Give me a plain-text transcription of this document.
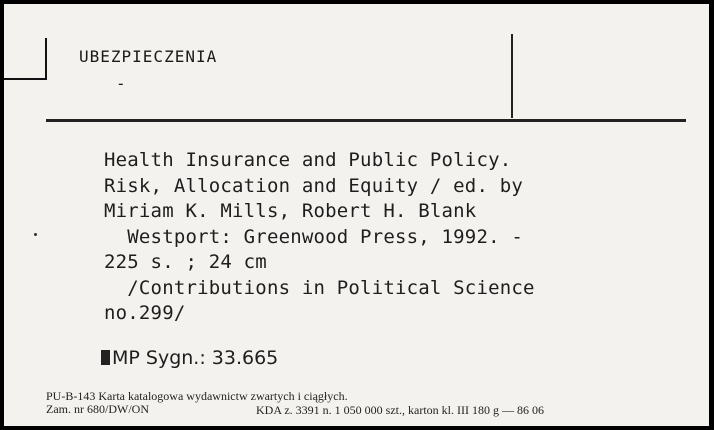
UBEZPIECZENIA
-
Health Insurance and Public Policy.
Risk, Allocation and Equity / ed. by
Miriam K. Mills, Robert H. Blank
Westport: Greenwood Press, 1992. -
225 s. ; 24 cm
/Contributions in Political Science
no.299/
MP Sygn.: 33.665
PU-B-143 Karta katalogowa wydawnictw zwartych i ciągłych.
Zam. nr 680/DW/ON	KDA z. 3391 n. 1 050 000 szt., karton kl. III 180 g — 86 06
